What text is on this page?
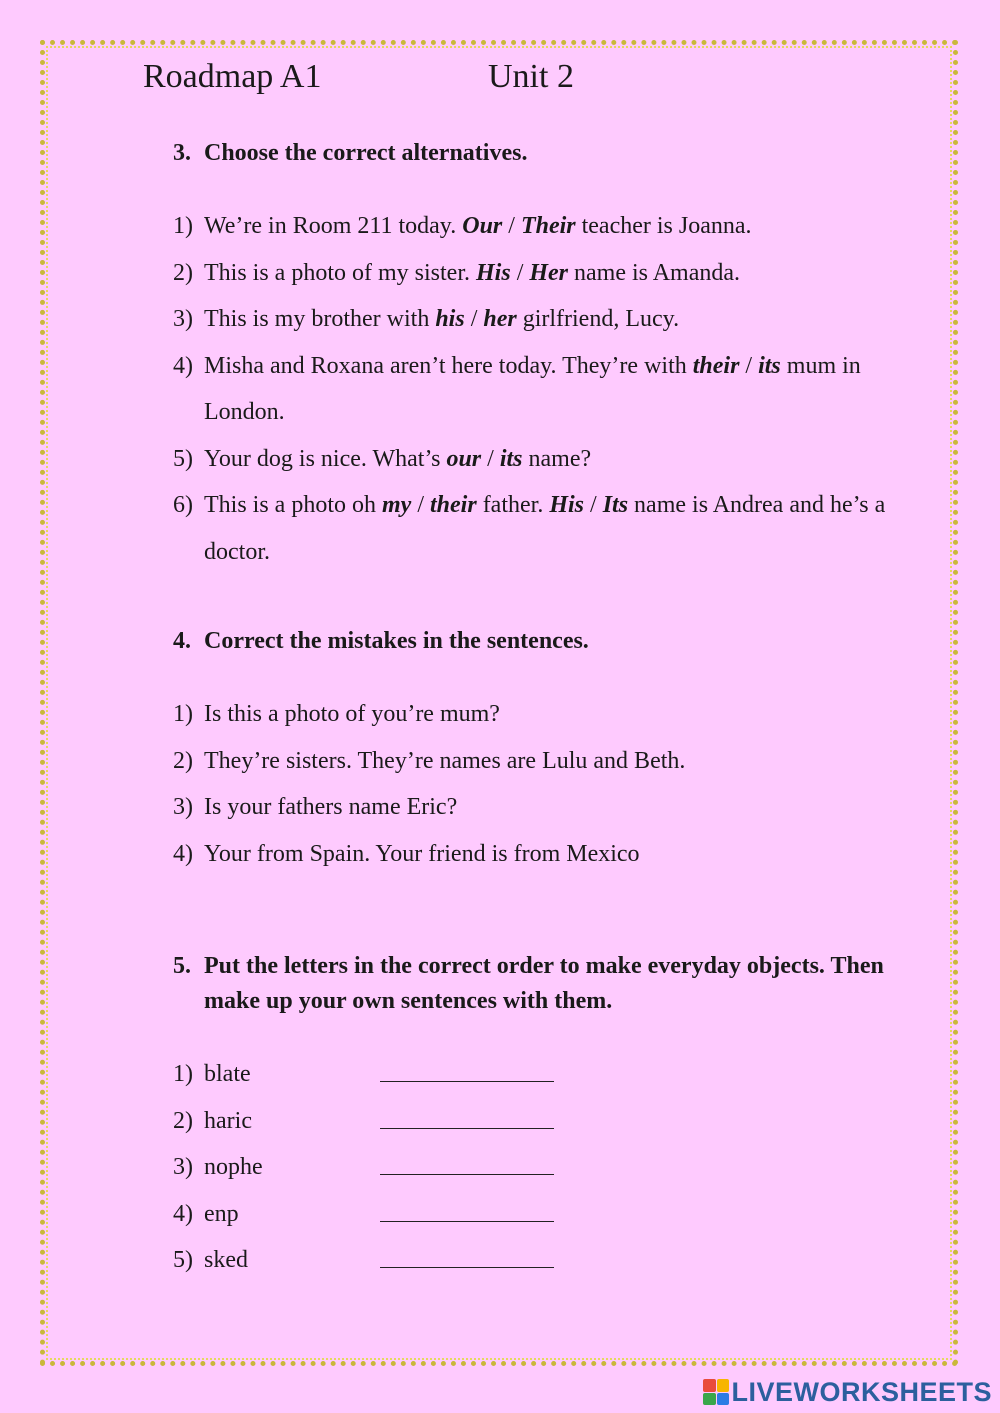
Roadmap A1	Unit 2
3. Choose the correct alternatives.
1) We’re in Room 211 today. Our / Their teacher is Joanna.
2) This is a photo of my sister. His / Her name is Amanda.
3) This is my brother with his / her girlfriend, Lucy.
4) Misha and Roxana aren’t here today. They’re with their / its mum in London.
5) Your dog is nice. What’s our / its name?
6) This is a photo oh my / their father. His / Its name is Andrea and he’s a doctor.
4. Correct the mistakes in the sentences.
1) Is this a photo of you’re mum?
2) They’re sisters. They’re names are Lulu and Beth.
3) Is your fathers name Eric?
4) Your from Spain. Your friend is from Mexico
5. Put the letters in the correct order to make everyday objects. Then make up your own sentences with them.
1) blate
2) haric
3) nophe
4) enp
5) sked
LIVEWORKSHEETS
